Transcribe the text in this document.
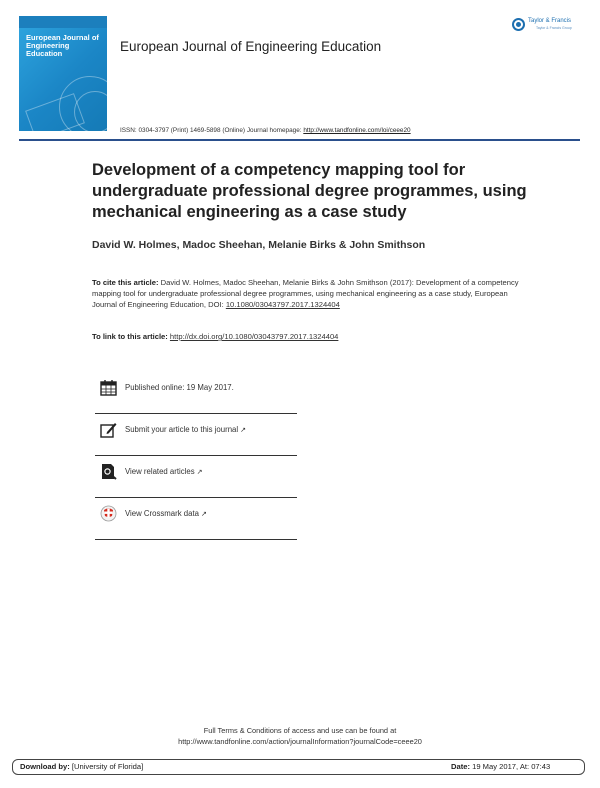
European Journal of Engineering Education	European Journal of Engineering Education
Taylor & Francis
Taylor & Francis Group
ISSN: 0304-3797 (Print) 1469-5898 (Online) Journal homepage: http://www.tandfonline.com/loi/ceee20
Development of a competency mapping tool for undergraduate professional degree programmes, using mechanical engineering as a case study
David W. Holmes, Madoc Sheehan, Melanie Birks & John Smithson
To cite this article: David W. Holmes, Madoc Sheehan, Melanie Birks & John Smithson (2017): Development of a competency mapping tool for undergraduate professional degree programmes, using mechanical engineering as a case study, European Journal of Engineering Education, DOI: 10.1080/03043797.2017.1324404
To link to this article: http://dx.doi.org/10.1080/03043797.2017.1324404
Published online: 19 May 2017.
Submit your article to this journal ↗
View related articles ↗
View Crossmark data ↗
Full Terms & Conditions of access and use can be found at
http://www.tandfonline.com/action/journalInformation?journalCode=ceee20
Download by: [University of Florida]	Date: 19 May 2017, At: 07:43
